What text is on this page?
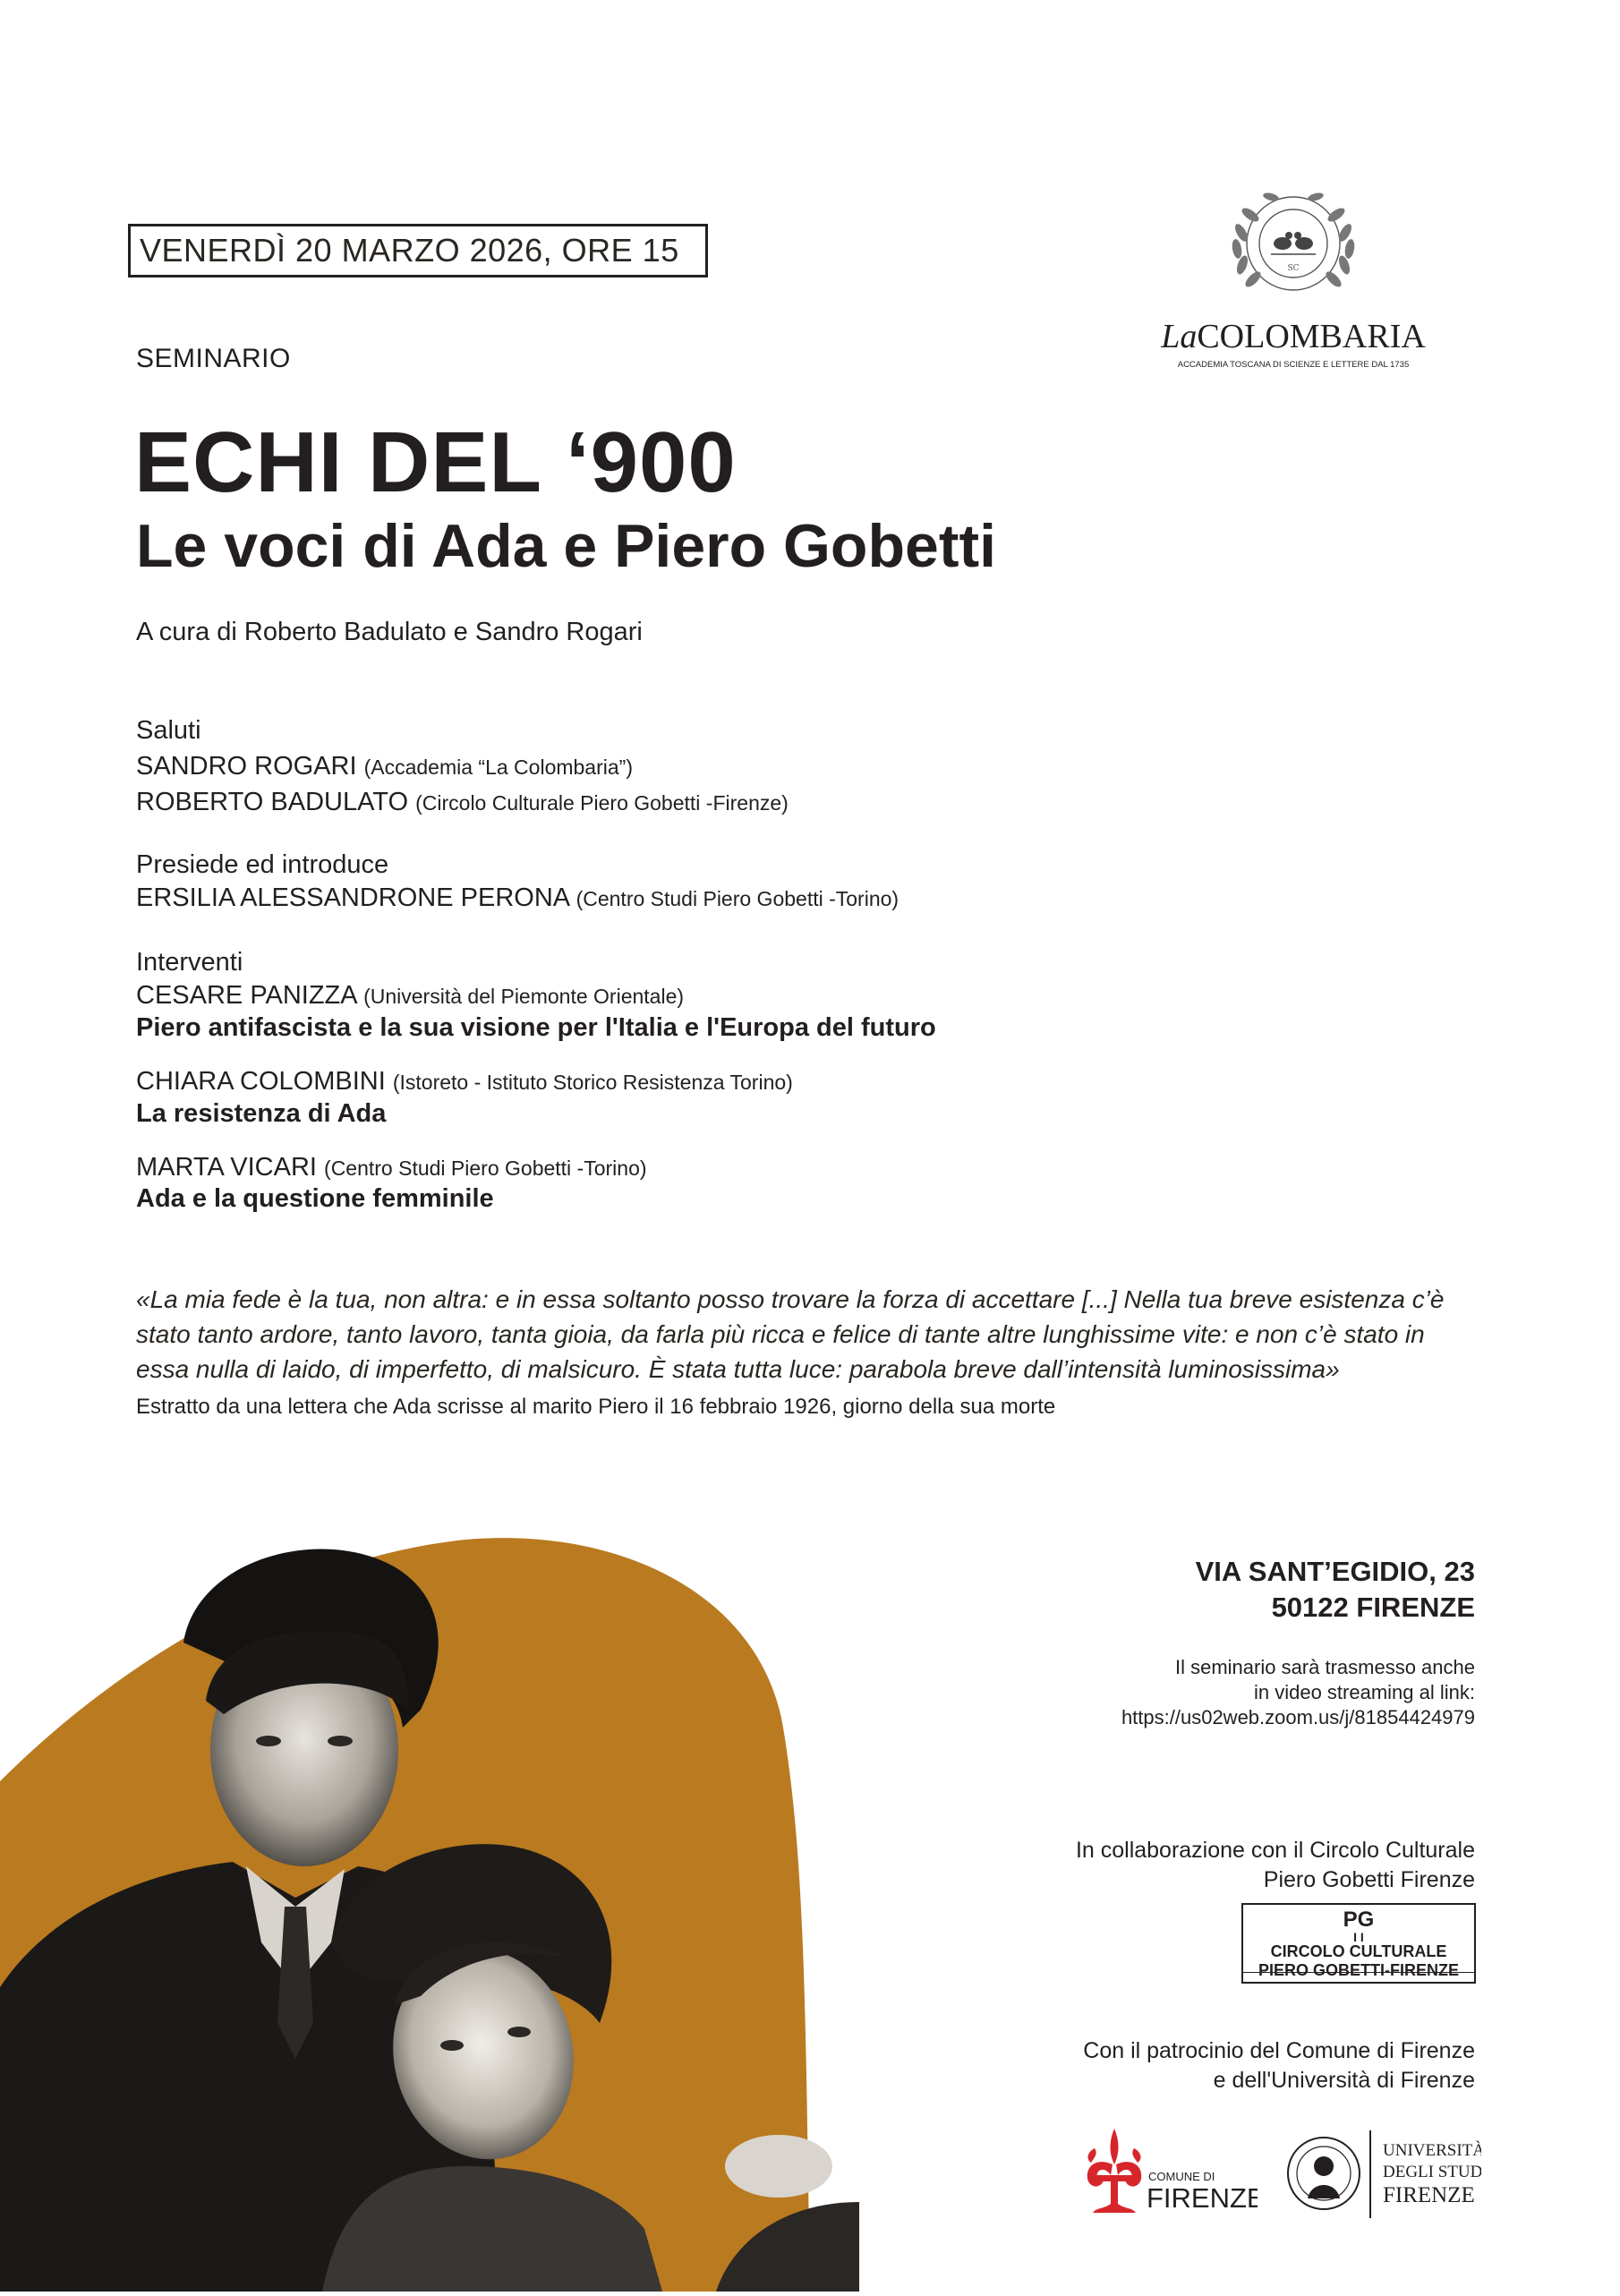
VENERDÌ 20 MARZO 2026, ORE 15	SC
LaCOLOMBARIA
ACCADEMIA TOSCANA DI SCIENZE E LETTERE DAL 1735
SEMINARIO
ECHI DEL ‘900
Le voci di Ada e Piero Gobetti
A cura di Roberto Badulato e Sandro Rogari
Saluti
SANDRO ROGARI (Accademia “La Colombaria”)
ROBERTO BADULATO (Circolo Culturale Piero Gobetti -Firenze)
Presiede ed introduce
ERSILIA ALESSANDRONE PERONA (Centro Studi Piero Gobetti -Torino)
Interventi
CESARE PANIZZA (Università del Piemonte Orientale)
Piero antifascista e la sua visione per l'Italia e l'Europa del futuro
CHIARA COLOMBINI (Istoreto - Istituto Storico Resistenza Torino)
La resistenza di Ada
MARTA VICARI (Centro Studi Piero Gobetti -Torino)
Ada e la questione femminile
«La mia fede è la tua, non altra: e in essa soltanto posso trovare la forza di accettare [...] Nella tua breve esistenza c’è
stato tanto ardore, tanto lavoro, tanta gioia, da farla più ricca e felice di tante altre lunghissime vite: e non c’è stato in
essa nulla di laido, di imperfetto, di malsicuro. È stata tutta luce: parabola breve dall’intensità luminosissima»
Estratto da una lettera che Ada scrisse al marito Piero il 16 febbraio 1926, giorno della sua morte
VIA SANT’EGIDIO, 23
50122 FIRENZE
Il seminario sarà trasmesso anche
in video streaming al link:
https://us02web.zoom.us/j/81854424979
In collaborazione con il Circolo Culturale
Piero Gobetti Firenze
PG
I I
CIRCOLO CULTURALE
PIERO GOBETTI-FIRENZE
Con il patrocinio del Comune di Firenze
e dell'Università di Firenze
COMUNE DI
FIRENZE
UNIVERSITÀ
DEGLI STUDI
FIRENZE
